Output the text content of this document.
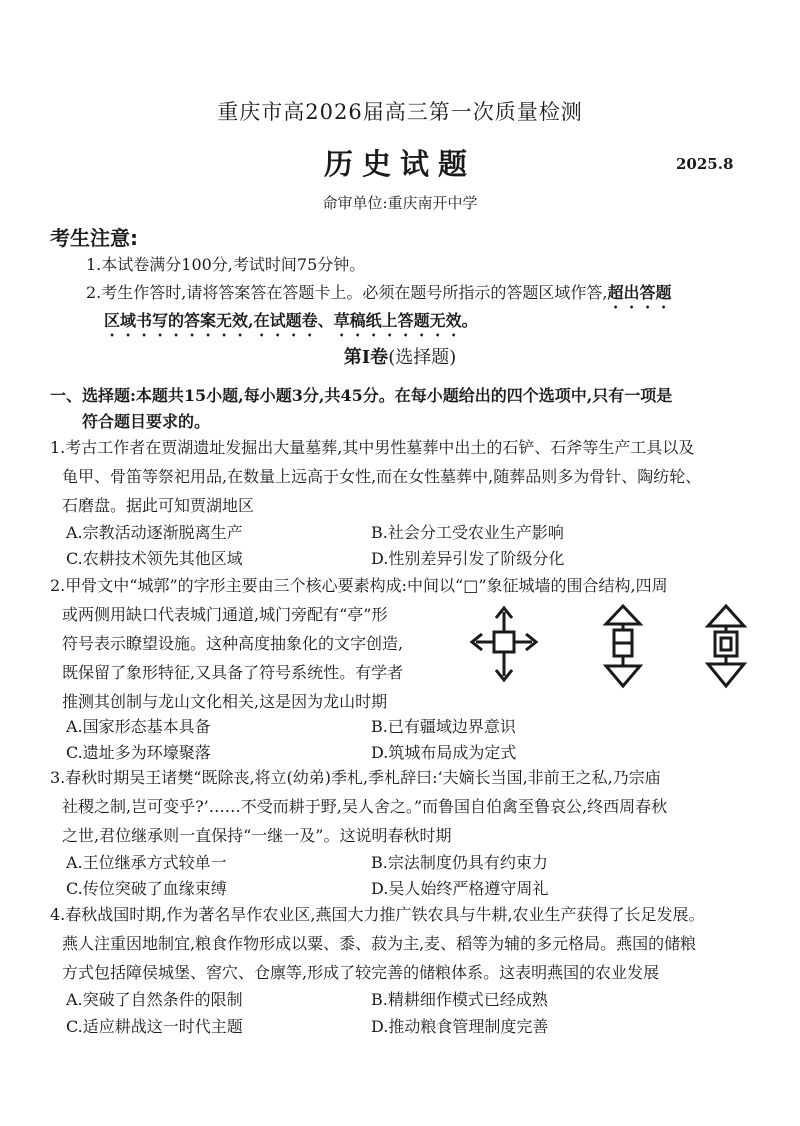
重庆市高2026届高三第一次质量检测
历史试题	2025.8
命审单位:重庆南开中学
考生注意:
1.本试卷满分100分,考试时间75分钟。
2.考生作答时,请将答案答在答题卡上。必须在题号所指示的答题区域作答,超出答题
区域书写的答案无效,在试题卷、草稿纸上答题无效。
第Ⅰ卷(选择题)
一、选择题:本题共15小题,每小题3分,共45分。在每小题给出的四个选项中,只有一项是
符合题目要求的。
1.考古工作者在贾湖遗址发掘出大量墓葬,其中男性墓葬中出土的石铲、石斧等生产工具以及
龟甲、骨笛等祭祀用品,在数量上远高于女性,而在女性墓葬中,随葬品则多为骨针、陶纺轮、
石磨盘。据此可知贾湖地区
A.宗教活动逐渐脱离生产	B.社会分工受农业生产影响
C.农耕技术领先其他区域	D.性别差异引发了阶级分化
2.甲骨文中“城郭”的字形主要由三个核心要素构成:中间以“□”象征城墙的围合结构,四周
或两侧用缺口代表城门通道,城门旁配有“亭”形
符号表示瞭望设施。这种高度抽象化的文字创造,
既保留了象形特征,又具备了符号系统性。有学者
推测其创制与龙山文化相关,这是因为龙山时期
A.国家形态基本具备	B.已有疆域边界意识
C.遗址多为环壕聚落	D.筑城布局成为定式
3.春秋时期吴王诸樊“既除丧,将立(幼弟)季札,季札辞曰:‘夫嫡长当国,非前王之私,乃宗庙
社稷之制,岂可变乎?’……不受而耕于野,吴人舍之。”而鲁国自伯禽至鲁哀公,终西周春秋
之世,君位继承则一直保持“一继一及”。这说明春秋时期
A.王位继承方式较单一	B.宗法制度仍具有约束力
C.传位突破了血缘束缚	D.吴人始终严格遵守周礼
4.春秋战国时期,作为著名旱作农业区,燕国大力推广铁农具与牛耕,农业生产获得了长足发展。
燕人注重因地制宜,粮食作物形成以粟、黍、菽为主,麦、稻等为辅的多元格局。燕国的储粮
方式包括障侯城堡、窖穴、仓廪等,形成了较完善的储粮体系。这表明燕国的农业发展
A.突破了自然条件的限制	B.精耕细作模式已经成熟
C.适应耕战这一时代主题	D.推动粮食管理制度完善
